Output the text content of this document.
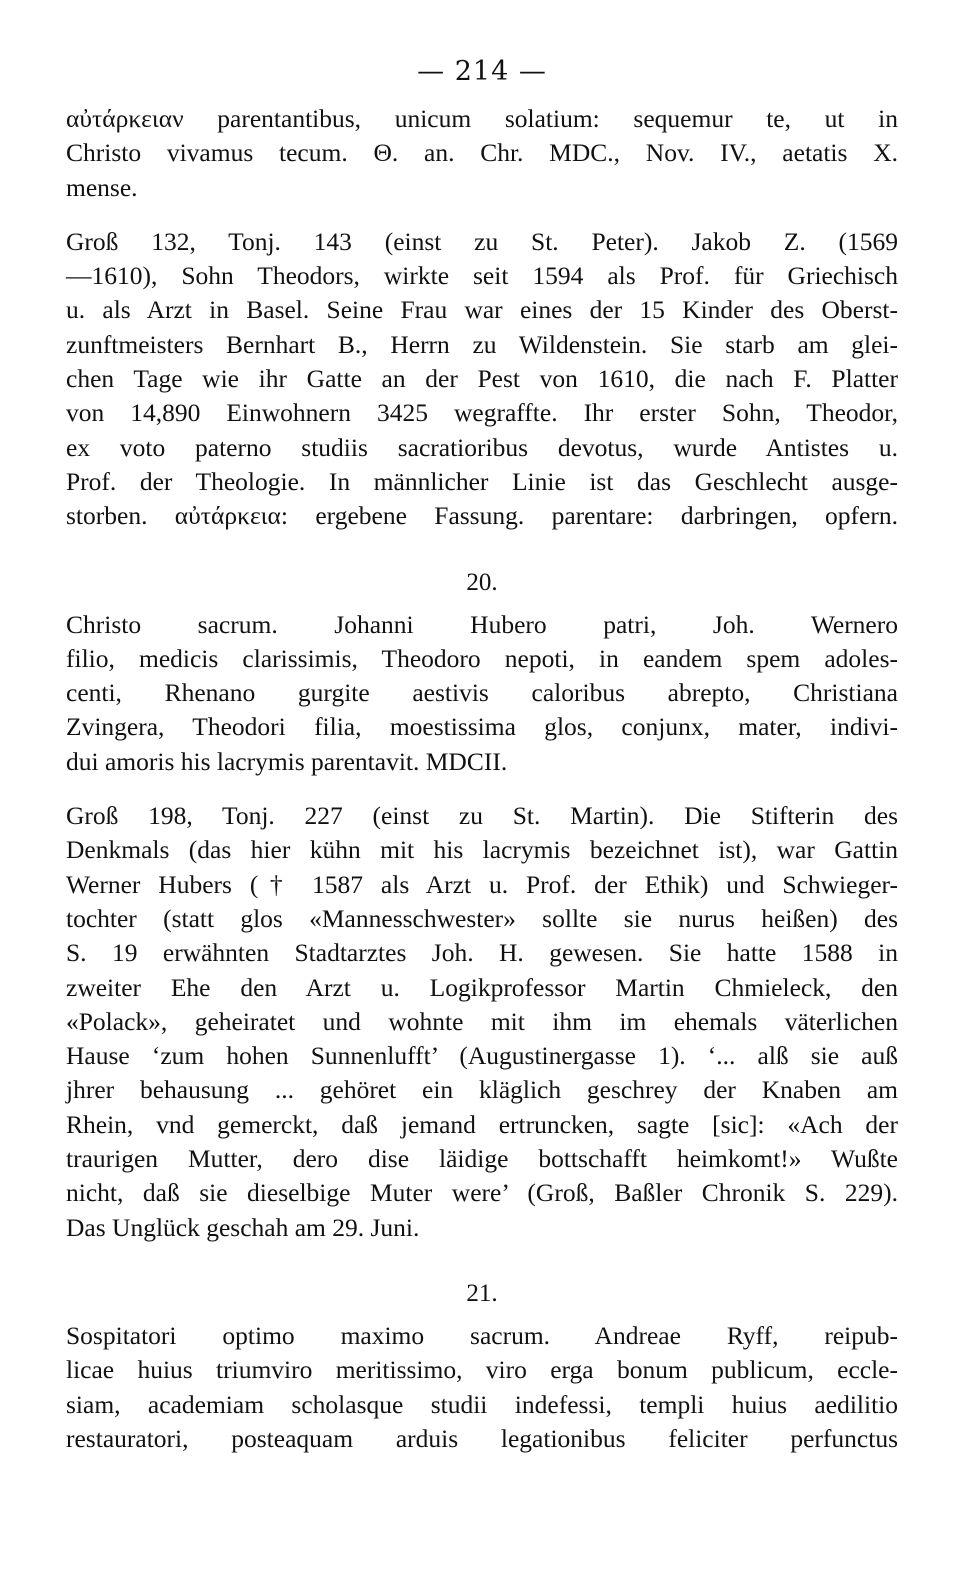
— 214 —
αὐτάρκειαν parentantibus, unicum solatium: sequemur te, ut in
Christo vivamus tecum. Θ. an. Chr. MDC., Nov. IV., aetatis X.
mense.
Groß 132, Tonj. 143 (einst zu St. Peter). Jakob Z. (1569
—1610), Sohn Theodors, wirkte seit 1594 als Prof. für Griechisch
u. als Arzt in Basel. Seine Frau war eines der 15 Kinder des Oberst-
zunftmeisters Bernhart B., Herrn zu Wildenstein. Sie starb am glei-
chen Tage wie ihr Gatte an der Pest von 1610, die nach F. Platter
von 14,890 Einwohnern 3425 wegraffte. Ihr erster Sohn, Theodor,
ex voto paterno studiis sacratioribus devotus, wurde Antistes u.
Prof. der Theologie. In männlicher Linie ist das Geschlecht ausge-
storben. αὐτάρκεια: ergebene Fassung. parentare: darbringen, opfern.
20.
Christo sacrum. Johanni Hubero patri, Joh. Wernero
filio, medicis clarissimis, Theodoro nepoti, in eandem spem adoles-
centi, Rhenano gurgite aestivis caloribus abrepto, Christiana
Zvingera, Theodori filia, moestissima glos, conjunx, mater, indivi-
dui amoris his lacrymis parentavit. MDCII.
Groß 198, Tonj. 227 (einst zu St. Martin). Die Stifterin des
Denkmals (das hier kühn mit his lacrymis bezeichnet ist), war Gattin
Werner Hubers († 1587 als Arzt u. Prof. der Ethik) und Schwieger-
tochter (statt glos «Mannesschwester» sollte sie nurus heißen) des
S. 19 erwähnten Stadtarztes Joh. H. gewesen. Sie hatte 1588 in
zweiter Ehe den Arzt u. Logikprofessor Martin Chmieleck, den
«Polack», geheiratet und wohnte mit ihm im ehemals väterlichen
Hause ‘zum hohen Sunnenlufft’ (Augustinergasse 1). ‘... alß sie auß
jhrer behausung ... gehöret ein kläglich geschrey der Knaben am
Rhein, vnd gemerckt, daß jemand ertruncken, sagte [sic]: «Ach der
traurigen Mutter, dero dise läidige bottschafft heimkomt!» Wußte
nicht, daß sie dieselbige Muter were’ (Groß, Baßler Chronik S. 229).
Das Unglück geschah am 29. Juni.
21.
Sospitatori optimo maximo sacrum. Andreae Ryff, reipub-
licae huius triumviro meritissimo, viro erga bonum publicum, eccle-
siam, academiam scholasque studii indefessi, templi huius aedilitio
restauratori, posteaquam arduis legationibus feliciter perfunctus
